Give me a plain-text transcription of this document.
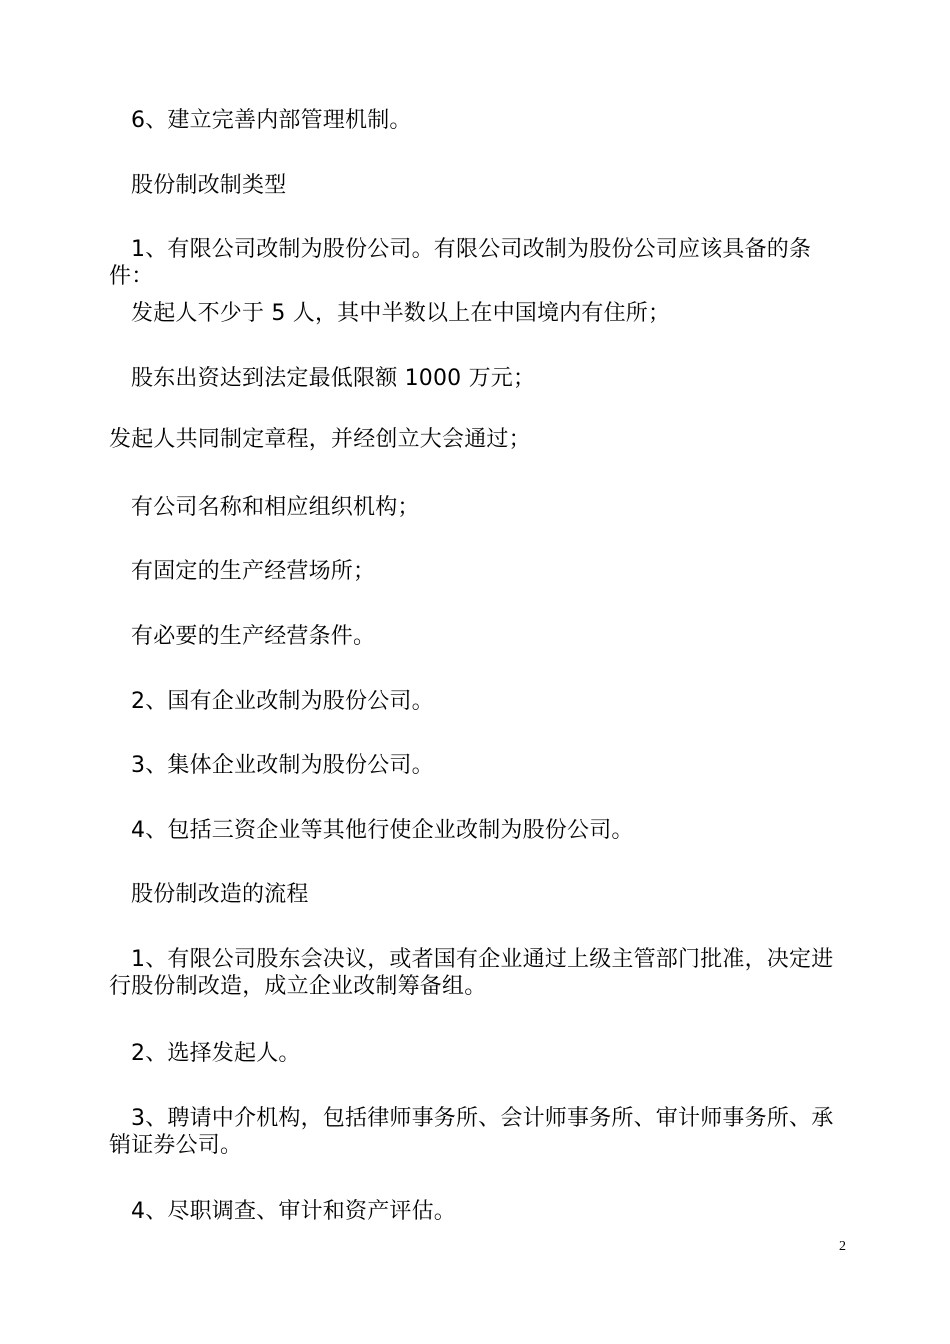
6、建立完善内部管理机制。

股份制改制类型

1、有限公司改制为股份公司。有限公司改制为股份公司应该具备的条件：

发起人不少于 5 人，其中半数以上在中国境内有住所；

股东出资达到法定最低限额 1000 万元；

发起人共同制定章程，并经创立大会通过；

有公司名称和相应组织机构；

有固定的生产经营场所；

有必要的生产经营条件。

2、国有企业改制为股份公司。

3、集体企业改制为股份公司。

4、包括三资企业等其他行使企业改制为股份公司。

股份制改造的流程

1、有限公司股东会决议，或者国有企业通过上级主管部门批准，决定进行股份制改造，成立企业改制筹备组。

2、选择发起人。

3、聘请中介机构，包括律师事务所、会计师事务所、审计师事务所、承销证券公司。

4、尽职调查、审计和资产评估。

2
